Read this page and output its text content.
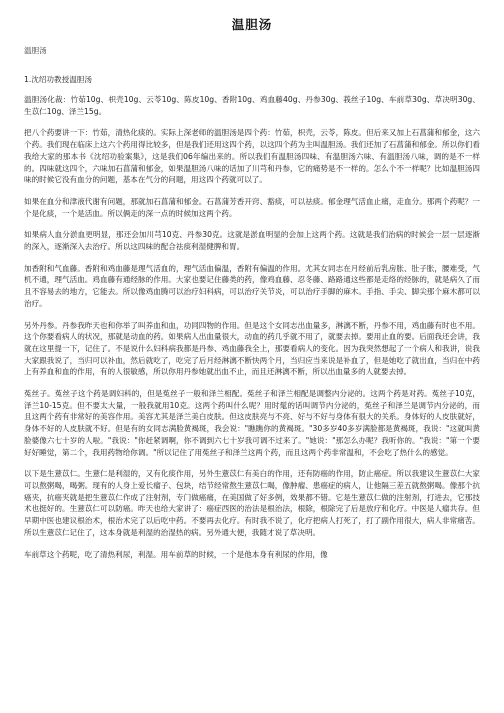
温胆汤
温胆汤
1.沈绍功教授温胆汤

温胆汤化裁：竹茹10g、枳壳10g、云苓10g、陈皮10g、香附10g、鸡血藤40g、丹参30g、莪丝子10g、车前草30g、草决明30g、生苡仁10g、泽兰15g。

把八个药要讲一下：竹茹，清热化痰的。实际上深老师的温胆汤是四个药：竹茹，枳壳，云苓，陈皮。但后来又加上石菖蒲和郁金，这六个药。我们现在临床上这六个药用得比较多，但是我们还用这四个药，以这四个药为主叫温胆汤。我们还加了石菖蒲和郁金。所以你们看我给大家的那本书《沈绍功验案集》，这是我们06年编出来的。所以我们有温胆汤四味、有温胆汤六味、有温胆汤八味，调的是不一样的。四味就这四个，六味加石菖蒲和郁金，如果温胆汤八味的话加了川芎和丹参，它的痛势是不一样的。怎么个不一样呢？比如温胆汤四味的时候它没有血分的问题，基本在气分的问题，用这四个药就可以了。

如果在血分和津液代谢有问题，那就加石菖蒲和郁金。石菖蒲芳香开窍、豁痰，可以祛痰。郁金理气活血止痛，走血分。那两个药呢？一个是化痰，一个是活血。所以俩走的深一点的时候加这两个药。

如果病人血分淤血更明显，那还会加川芎10克、丹参30克。这就是淤血明显的会加上这两个药。这就是我们治病的时候会一层一层逐渐的深入，逐渐深入去治疗。所以这四味的配合祛痰利湿健脾和胃。

加香附和气血藤。香附和鸡血藤是理气活血的，理气活血偏温，香附有偏温的作用。尤其女同志在月经前后乳房胀、肚子胀，腰难受，气机不通，理气活血。鸡血藤有通经脉的作用。大家也要记住藤类的药，像鸡血藤、忍冬藤、路路通这些都是走络的经脉的，就是病久了而且不容易去的地方，它能去。所以像鸡血腾可以治疗妇科病，可以治疗关节炎，可以治疗手脚的麻木。手指、手尖、脚尖那个麻木都可以治疗。

另外丹参。丹参我昨天也和你举了叫养血和血，功同四物的作用。但是这个女同志出血量多，淋漓不断，丹参不用，鸡血藤有时也不用。这个你要看病人的状况，那就是动血的药。如果病人出血量很大，动血的药几乎就不用了，就要去掉。要用止血的要。后面我还会讲，我就在这里提一下，记住了。不是说什么妇科病我都是丹参、鸡血藤我全上，那要看病人的变化。因为我突然想起了一个病人和我讲，说我大家跟我说了，当归可以补血，然后就吃了，吃完了后月经淋漓不断快两个月，当归应当来说是补血了，但是她吃了就出血，当归在中药上有养血和血的作用，有的人很敏感，所以你用丹参她就出血不止，而且还淋漓不断，所以出血量多的人就要去掉。

菟丝子。菟丝子这个药是调妇科的，但是菟丝子一般和泽兰相配。菟丝子和泽兰相配是调整内分泌的。这两个药是对药。菟丝子10克，泽兰10-15克。但不要太大量，一般我就用10克。这两个药叫什么呢？用时髦的话叫调节内分泌的，菟丝子和泽兰是调节内分泌的，而且这两个药有非常好的美容作用。美容尤其是泽兰美白皮肤。但这皮肤亮与不亮、好与不好与身体有很大的关系。身体好的人皮肤就好，身体不好的人皮肤就不好。但是有的女同志满脸黄褐斑，我会说："瞧瞧你的黄褐斑。"30多岁40多岁满脸都是黄褐斑，我说："这就叫黄脸婆像六七十岁的人啦。"我说："你赶紧调啊，你不调到六七十岁我可调不过来了。"她说："那怎么办呢？我听你的。"我说："第一个要好好睡觉，第二个，我用药物给你调。"所以记住了用菟丝子和泽兰这两个药，而且这两个药非常温和，不会吃了热什么的感觉。

以下是生薏苡仁。生薏仁是利湿的，又有化痰作用，另外生薏苡仁有美白的作用，还有防癌的作用，防止癌症。所以我建议生薏苡仁大家可以熬粥喝，喝粥。现有的人身上爱长瘤子、包块，结节经常熬生薏苡仁喝，像肿瘤、患癌症的病人，让他隔三差五就熬粥喝。像那个抗癌夹，抗癌夹就是把生薏苡仁作成了注射剂，专门做癌痛，在美国做了好多例，效果都不错。它是生薏苡仁做的注射剂，打进去，它那技术也挺好的。生薏苡仁可以防癌。昨天也给大家讲了：癌症西医的治法是根治法，根除，根除完了后是放疗和化疗。中医是人瘤共存。但早期中医也建议根治术，根治术完了以后吃中药。不要再去化疗。有时我不说了，化疗把病人打死了，打了副作用很大，病人非常痛苦。所以生薏苡仁记住了，这本身就是利湿的治湿热的病。另外通大便，我随才说了草决明。

车前草这个药呢，吃了清热利尿，利湿。用车前草的时候，一个是他本身有利尿的作用，像
